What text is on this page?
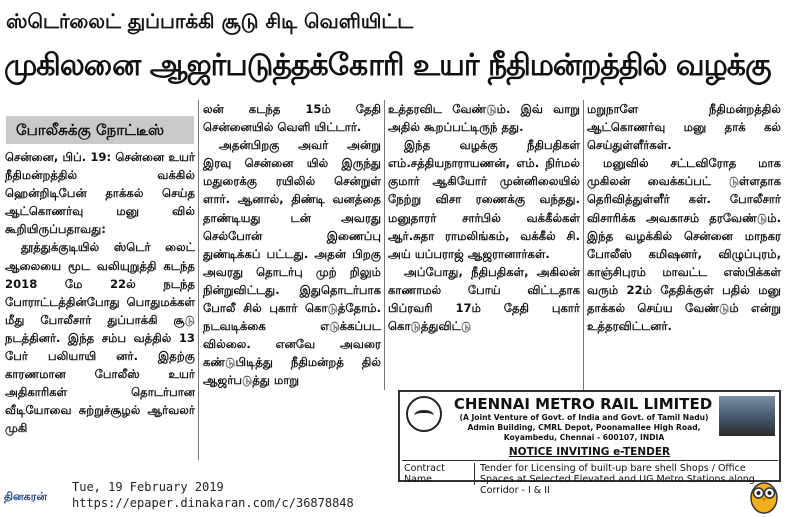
ஸ்டெர்லைட் துப்பாக்கி சூடு சிடி வெளியிட்ட
முகிலனை ஆஜர்படுத்தக்கோரி உயர் நீதிமன்றத்தில் வழக்கு
போலீசுக்கு நோட்டீஸ்

சென்னை, பிப். 19: சென்னை உயர் நீதிமன்றத்தில் வக்கில் ஹென்றிடிபேன் தாக்கல் செய்த ஆட்கொணர்வு மனு வில் கூறியிருப்பதாவது:

தூத்துக்குடியில் ஸ்டெர் லைட் ஆலையை மூட வலியுறுத்தி கடந்த 2018 மே 22ல் நடந்த போராட்டத்தின்போது பொதுமக்கள் மீது போலீசார் துப்பாக்கி சூடு நடத்தினர். இந்த சம்ப வத்தில் 13 பேர் பலியாயி னர். இதற்கு காரணமான போலீஸ் உயர் அதிகாரிகள் தொடர்பான வீடியோவை சுற்றுச்சூழல் ஆர்வலர் முகி

லன் கடந்த 15ம் தேதி சென்னையில் வெளி யிட்டார்.

அதன்பிறகு அவர் அன்று இரவு சென்னை யில் இருந்து மதுரைக்கு ரயிலில் சென்றுள் ளார். ஆனால், திண்டி வனத்தை தாண்டியது டன் அவரது செல்போன் இணைப்பு துண்டிக்கப் பட்டது. அதன் பிறகு அவரது தொடர்பு முற் றிலும் நின்றுவிட்டது. இதுதொடர்பாக போலீ சில் புகார் கொடுத்தோம். நடவடிக்கை எடுக்கப்பட வில்லை. எனவே அவரை கண்டுபிடித்து நீதிமன்றத் தில் ஆஜர்படுத்து மாறு

உத்தரவிட வேண்டும். இவ் வாறு அதில் கூறப்பட்டிருந் தது.

இந்த வழக்கு நீதிபதிகள் எம்.சத்தியநாராயணன், எம். நிர்மல் குமார் ஆகியோர் முன்னிலையில் நேற்று விசா ரணைக்கு வந்தது. மனுதாரர் சார்பில் வக்கீல்கள் ஆர்.சுதா ராமலிங்கம், வக்கீல் சி. அய் யப்பராஜ் ஆஜரானார்கள்.

அப்போது, நீதிபதிகள், அகிலன் காணாமல் போய் விட்டதாக பிப்ரவரி 17ம் தேதி புகார் கொடுத்துவிட்டு

மறுநாளே நீதிமன்றத்தில் ஆட்கொணர்வு மனு தாக் கல் செய்துள்ளீர்கள்.

மனுவில் சட்டவிரோத மாக முகிலன் வைக்கப்பட் டுள்ளதாக தெரிவித்துள்ளீர் கள். போலீசார் விசாரிக்க அவகாசம் தரவேண்டும். இந்த வழக்கில் சென்னை மாநகர போலீஸ் கமிஷனர், விழுப்புரம், காஞ்சிபுரம் மாவட்ட எஸ்பிக்கள் வரும் 22ம் தேதிக்குள் பதில் மனு தாக்கல் செய்ய வேண்டும் என்று உத்தரவிட்டனர்.

CHENNAI METRO RAIL LIMITED
(A Joint Venture of Govt. of India and Govt. of Tamil Nadu)
Admin Building, CMRL Depot, Poonamallee High Road,
Koyambedu, Chennai - 600107, INDIA
NOTICE INVITING e-TENDER
Contract Name
Tender for Licensing of built-up bare shell Shops / Office Spaces at Selected Elevated and UG Metro Stations along Corridor - I & II
தினகரன்
Tue, 19 February 2019
https://epaper.dinakaran.com/c/36878848
